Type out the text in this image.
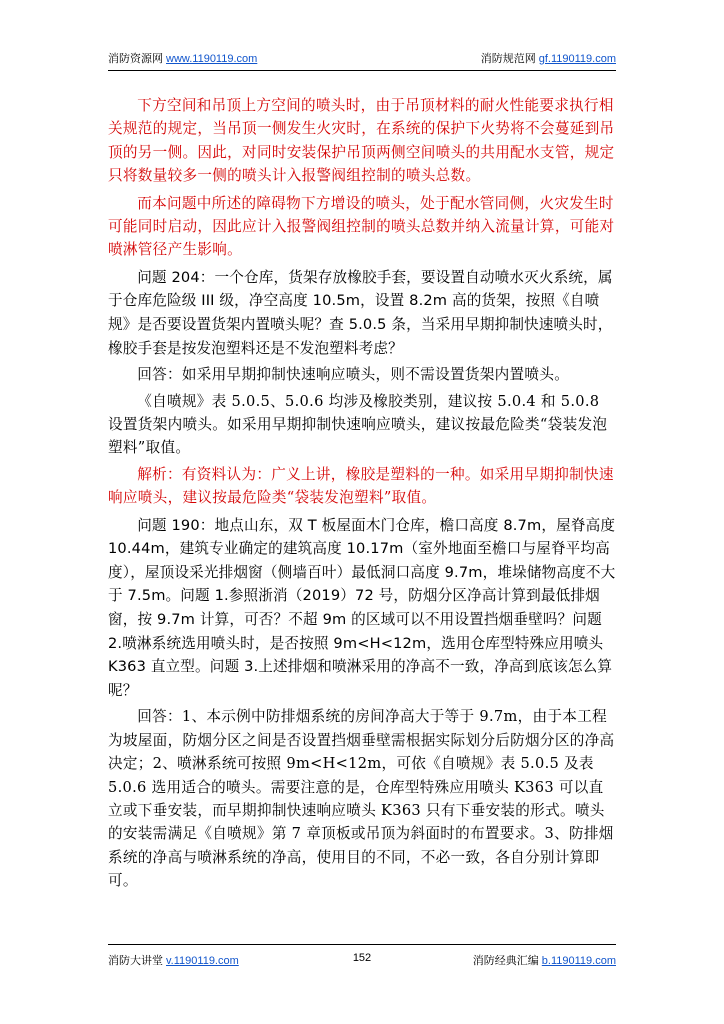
消防资源网 www.1190119.com	消防规范网 gf.1190119.com

下方空间和吊顶上方空间的喷头时，由于吊顶材料的耐火性能要求执行相关规范的规定，当吊顶一侧发生火灾时，在系统的保护下火势将不会蔓延到吊顶的另一侧。因此，对同时安装保护吊顶两侧空间喷头的共用配水支管，规定只将数量较多一侧的喷头计入报警阀组控制的喷头总数。

而本问题中所述的障碍物下方增设的喷头，处于配水管同侧，火灾发生时可能同时启动，因此应计入报警阀组控制的喷头总数并纳入流量计算，可能对喷淋管径产生影响。

问题 204：一个仓库，货架存放橡胶手套，要设置自动喷水灭火系统，属于仓库危险级 III 级，净空高度 10.5m，设置 8.2m 高的货架，按照《自喷规》是否要设置货架内置喷头呢？查 5.0.5 条，当采用早期抑制快速喷头时，橡胶手套是按发泡塑料还是不发泡塑料考虑？

回答：如采用早期抑制快速响应喷头，则不需设置货架内置喷头。

《自喷规》表 5.0.5、5.0.6 均涉及橡胶类别，建议按 5.0.4 和 5.0.8 设置货架内喷头。如采用早期抑制快速响应喷头，建议按最危险类“袋装发泡塑料”取值。

解析：有资料认为：广义上讲，橡胶是塑料的一种。如采用早期抑制快速响应喷头，建议按最危险类“袋装发泡塑料”取值。

问题 190：地点山东，双 T 板屋面木门仓库，檐口高度 8.7m，屋脊高度 10.44m，建筑专业确定的建筑高度 10.17m（室外地面至檐口与屋脊平均高度），屋顶设采光排烟窗（侧墙百叶）最低洞口高度 9.7m，堆垛储物高度不大于 7.5m。问题 1.参照浙消（2019）72 号，防烟分区净高计算到最低排烟窗，按 9.7m 计算，可否？不超 9m 的区域可以不用设置挡烟垂壁吗？问题 2.喷淋系统选用喷头时，是否按照 9m<H<12m，选用仓库型特殊应用喷头 K363 直立型。问题 3.上述排烟和喷淋采用的净高不一致，净高到底该怎么算呢？

回答：1、本示例中防排烟系统的房间净高大于等于 9.7m，由于本工程为坡屋面，防烟分区之间是否设置挡烟垂壁需根据实际划分后防烟分区的净高决定；2、喷淋系统可按照 9m<H<12m，可依《自喷规》表 5.0.5 及表 5.0.6 选用适合的喷头。需要注意的是，仓库型特殊应用喷头 K363 可以直立或下垂安装，而早期抑制快速响应喷头 K363 只有下垂安装的形式。喷头的安装需满足《自喷规》第 7 章顶板或吊顶为斜面时的布置要求。3、防排烟系统的净高与喷淋系统的净高，使用目的不同，不必一致，各自分别计算即可。

消防大讲堂 v.1190119.com	152	消防经典汇编 b.1190119.com
